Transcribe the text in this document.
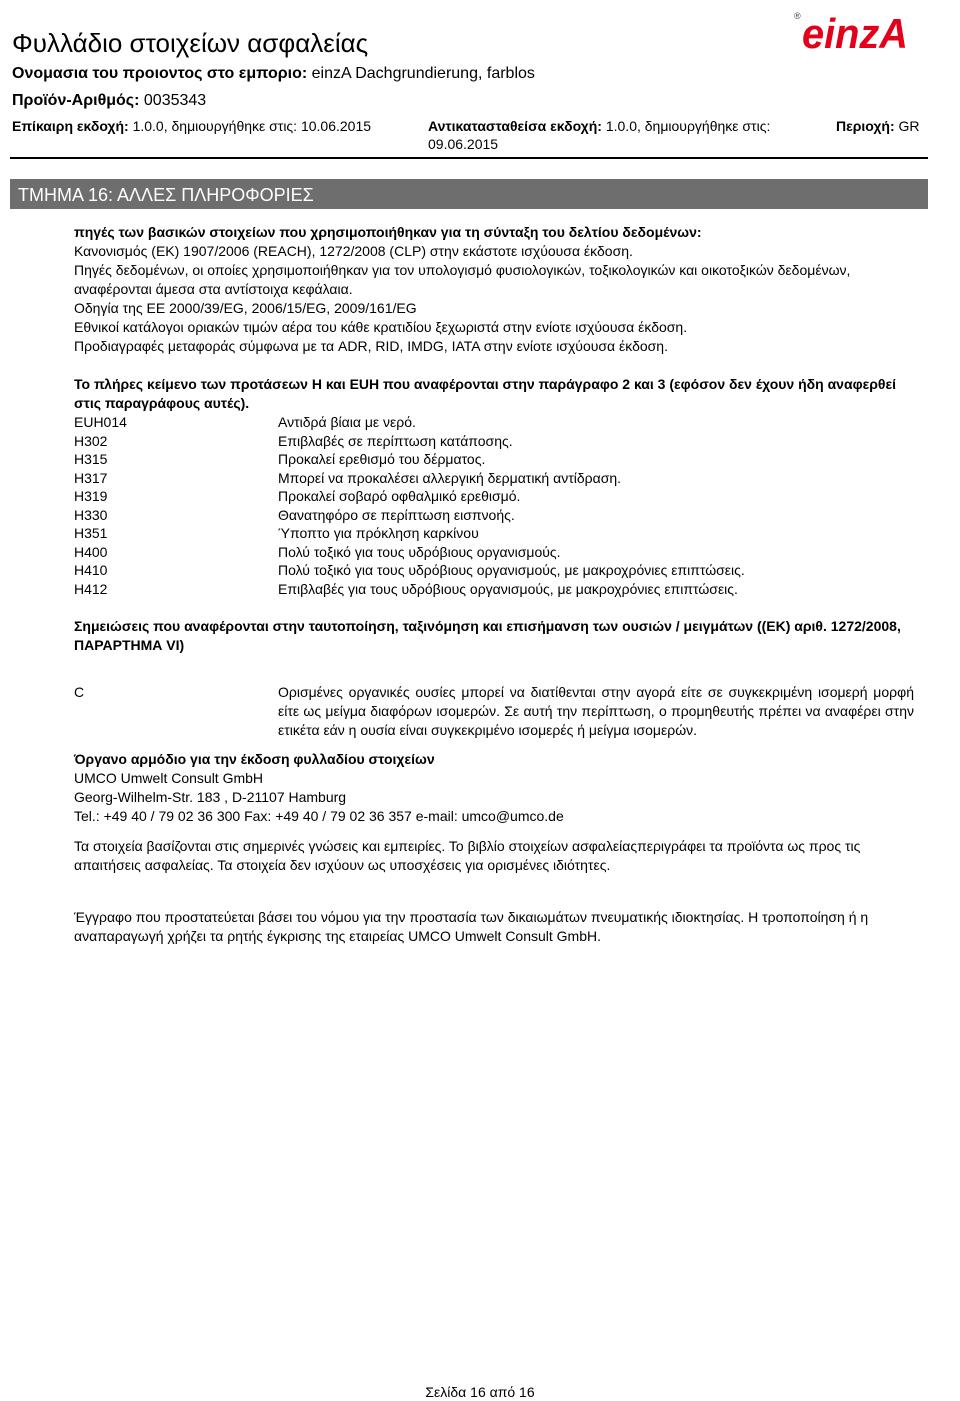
Φυλλάδιο στοιχείων ασφαλείας
® einzA
Ονομασια του προιοντος στο εμποριο: einzA Dachgrundierung, farblos
Προϊόν-Αριθμός: 0035343
Επίκαιρη εκδοχή: 1.0.0, δημιουργήθηκε στις: 10.06.2015	Αντικατασταθείσα εκδοχή: 1.0.0, δημιουργήθηκε στις: 09.06.2015
Περιοχή: GR
ΤΜΗΜΑ 16: ΑΛΛΕΣ ΠΛΗΡΟΦΟΡΙΕΣ

πηγές των βασικών στοιχείων που χρησιμοποιήθηκαν για τη σύνταξη του δελτίου δεδομένων:

Κανονισμός (ΕΚ) 1907/2006 (REACH), 1272/2008 (CLP) στην εκάστοτε ισχύουσα έκδοση.

Πηγές δεδομένων, οι οποίες χρησιμοποιήθηκαν για τον υπολογισμό φυσιολογικών, τοξικολογικών και οικοτοξικών δεδομένων, αναφέρονται άμεσα στα αντίστοιχα κεφάλαια.

Οδηγία της ΕΕ 2000/39/EG, 2006/15/EG, 2009/161/EG

Εθνικοί κατάλογοι οριακών τιμών αέρα του κάθε κρατιδίου ξεχωριστά στην ενίοτε ισχύουσα έκδοση.

Προδιαγραφές μεταφοράς σύμφωνα με τα ADR, RID, IMDG, IATA στην ενίοτε ισχύουσα έκδοση.

Το πλήρες κείμενο των προτάσεων Η και EUH που αναφέρονται στην παράγραφο 2 και 3 (εφόσον δεν έχουν ήδη αναφερθεί στις παραγράφους αυτές).

EUH014	Αντιδρά βίαια με νερό.
H302	Επιβλαβές σε περίπτωση κατάποσης.
H315	Προκαλεί ερεθισμό του δέρματος.
H317	Μπορεί να προκαλέσει αλλεργική δερματική αντίδραση.
H319	Προκαλεί σοβαρό οφθαλμικό ερεθισμό.
H330	Θανατηφόρο σε περίπτωση εισπνοής.
H351	Ύποπτο για πρόκληση καρκίνου
H400	Πολύ τοξικό για τους υδρόβιους οργανισμούς.
H410	Πολύ τοξικό για τους υδρόβιους οργανισμούς, με μακροχρόνιες επιπτώσεις.
H412	Επιβλαβές για τους υδρόβιους οργανισμούς, με μακροχρόνιες επιπτώσεις.

Σημειώσεις που αναφέρονται στην ταυτοποίηση, ταξινόμηση και επισήμανση των ουσιών / μειγμάτων ((ΕΚ) αριθ. 1272/2008, ΠΑΡΑΡΤΗΜΑ VI)

C	Ορισμένες οργανικές ουσίες μπορεί να διατίθενται στην αγορά είτε σε συγκεκριμένη ισομερή μορφή είτε ως μείγμα διαφόρων ισομερών. Σε αυτή την περίπτωση, ο προμηθευτής πρέπει να αναφέρει στην ετικέτα εάν η ουσία είναι συγκεκριμένο ισομερές ή μείγμα ισομερών.

Όργανο αρμόδιο για την έκδοση φυλλαδίου στοιχείων

UMCO Umwelt Consult GmbH

Georg-Wilhelm-Str. 183 , D-21107 Hamburg

Tel.: +49 40 / 79 02 36 300 Fax: +49 40 / 79 02 36 357 e-mail: umco@umco.de

Τα στοιχεία βασίζονται στις σημερινές γνώσεις και εμπειρίες. Το βιβλίο στοιχείων ασφαλείαςπεριγράφει τα προϊόντα ως προς τις απαιτήσεις ασφαλείας. Τα στοιχεία δεν ισχύουν ως υποσχέσεις για ορισμένες ιδιότητες.

Έγγραφο που προστατεύεται βάσει του νόμου για την προστασία των δικαιωμάτων πνευματικής ιδιοκτησίας. Η τροποποίηση ή η αναπαραγωγή χρήζει τα ρητής έγκρισης της εταιρείας UMCO Umwelt Consult GmbH.

Σελίδα 16 από 16
